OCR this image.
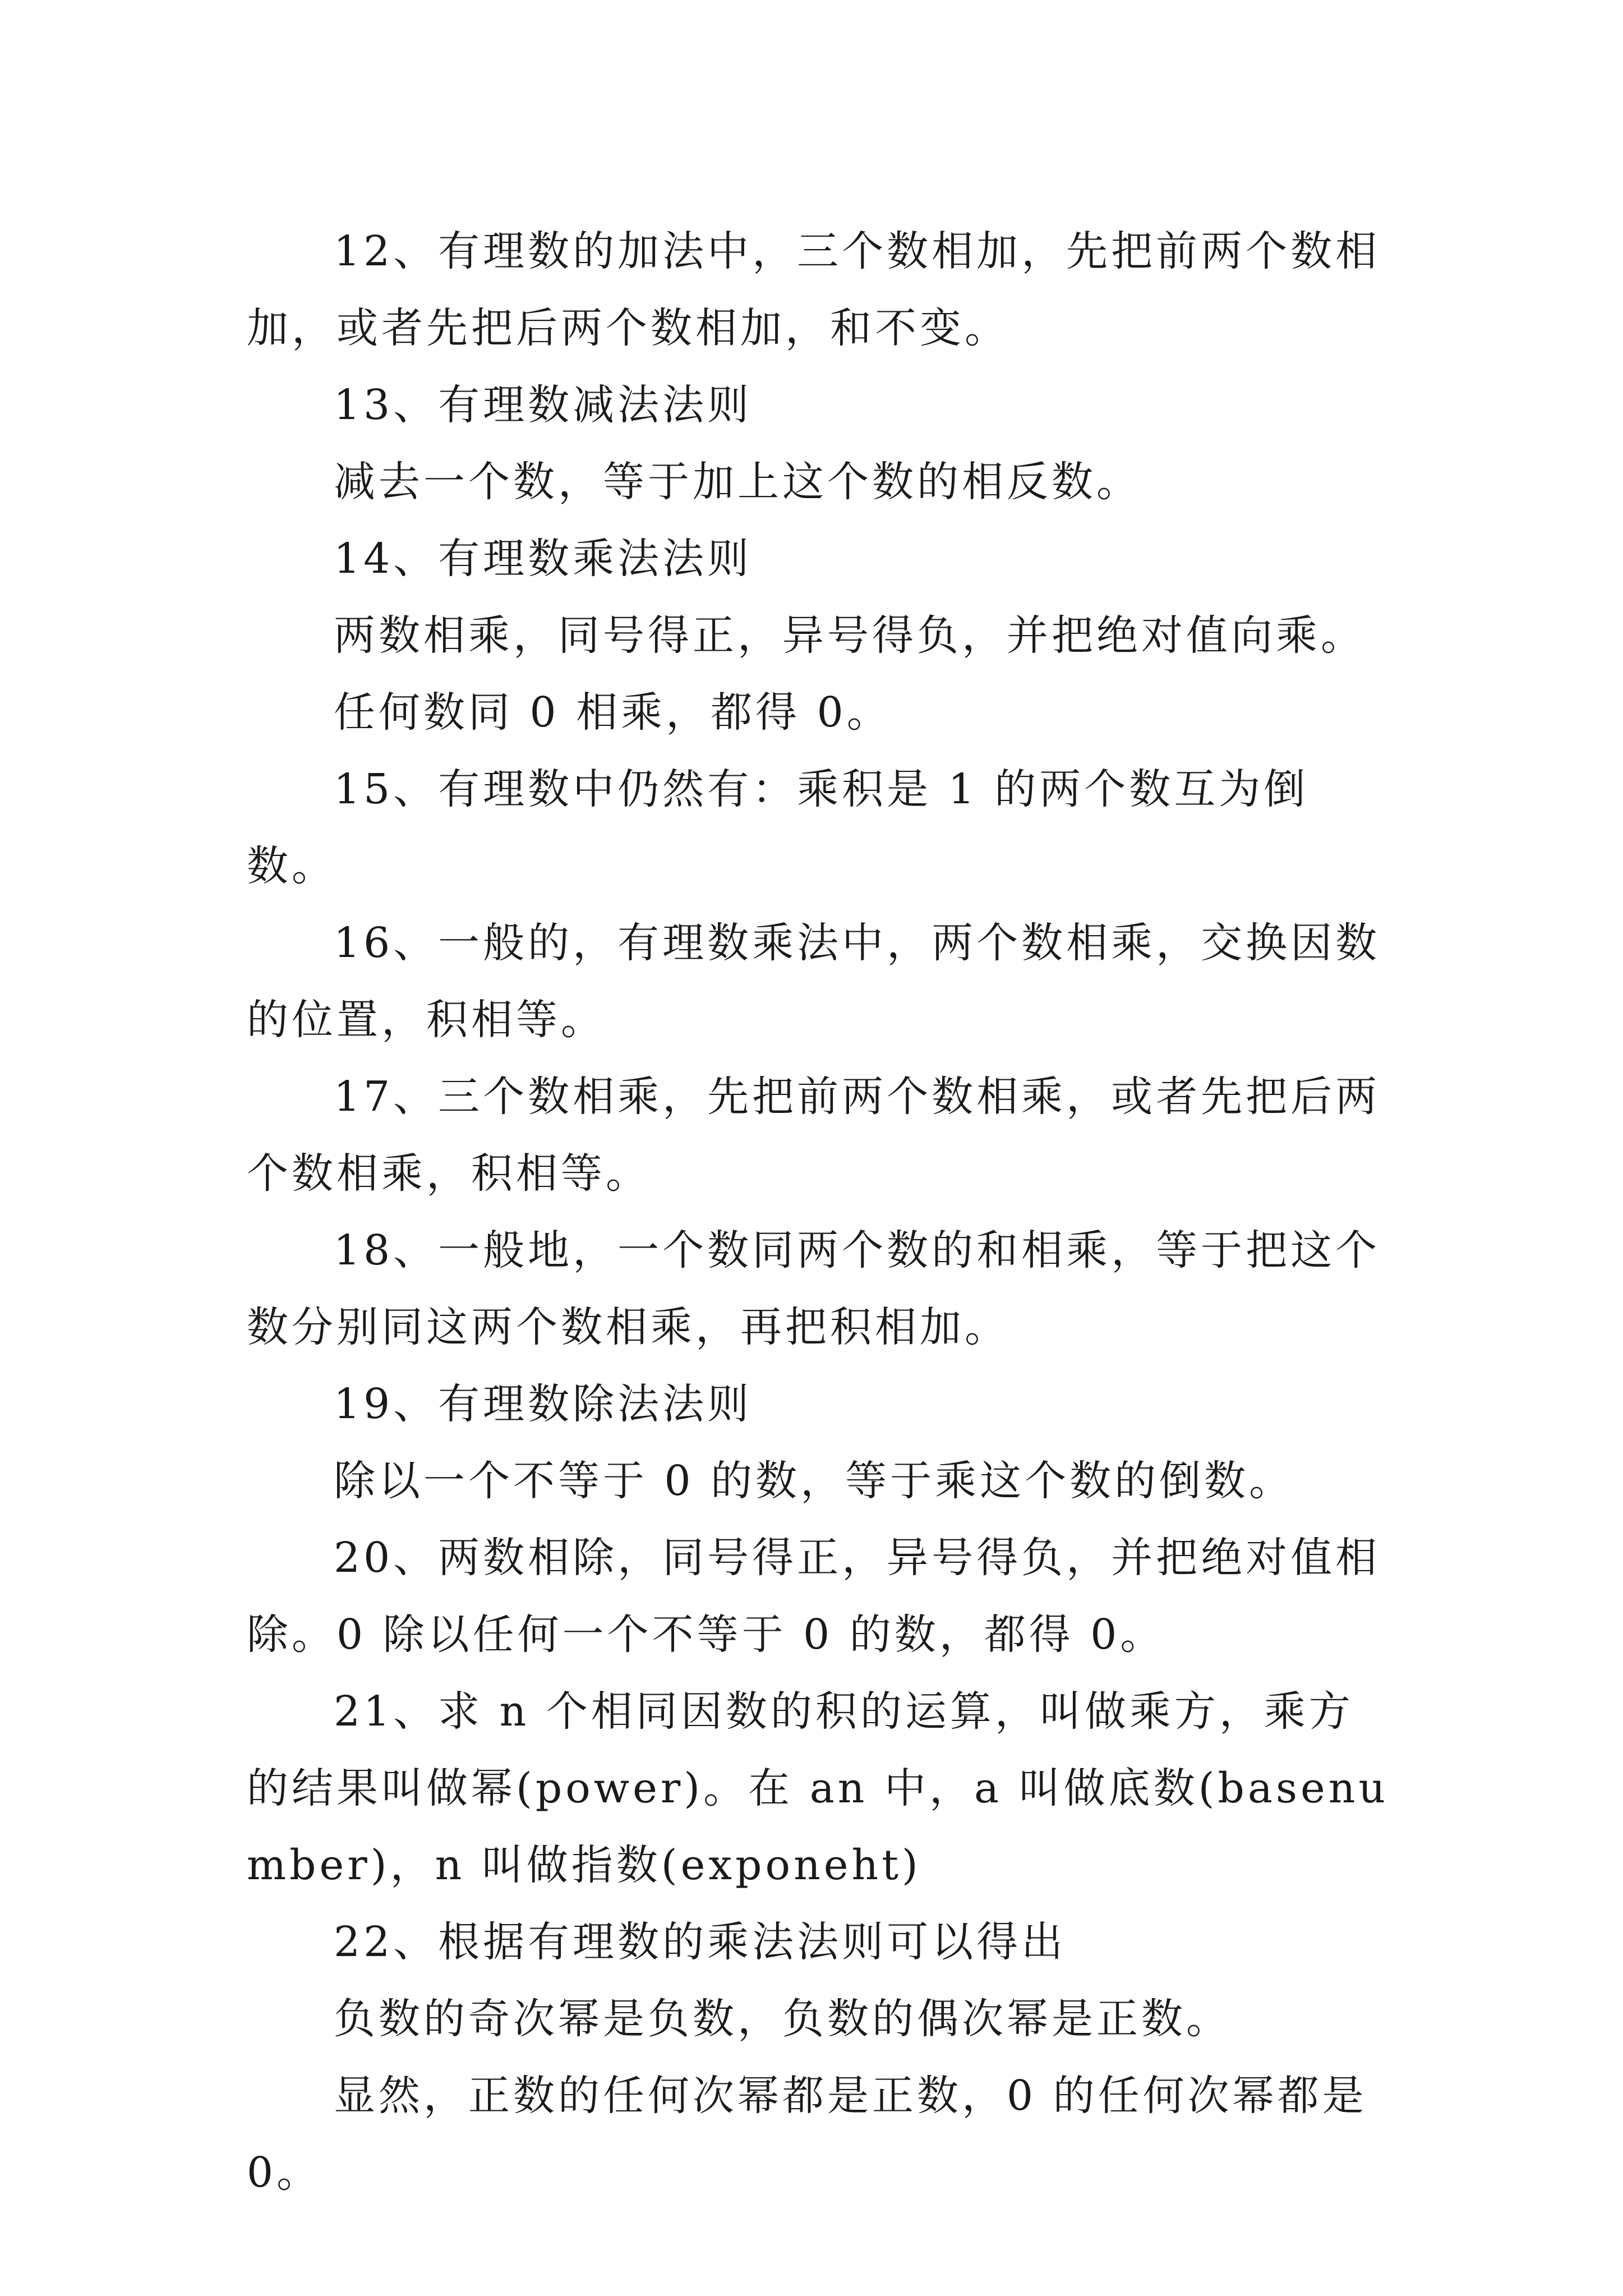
12、有理数的加法中，三个数相加，先把前两个数相加，或者先把后两个数相加，和不变。

13、有理数减法法则

减去一个数，等于加上这个数的相反数。

14、有理数乘法法则

两数相乘，同号得正，异号得负，并把绝对值向乘。

任何数同 0 相乘，都得 0。

15、有理数中仍然有：乘积是 1 的两个数互为倒数。

16、一般的，有理数乘法中，两个数相乘，交换因数的位置，积相等。

17、三个数相乘，先把前两个数相乘，或者先把后两个数相乘，积相等。

18、一般地，一个数同两个数的和相乘，等于把这个数分别同这两个数相乘，再把积相加。

19、有理数除法法则

除以一个不等于 0 的数，等于乘这个数的倒数。

20、两数相除，同号得正，异号得负，并把绝对值相除。0 除以任何一个不等于 0 的数，都得 0。

21、求 n 个相同因数的积的运算，叫做乘方，乘方的结果叫做幂(power)。在 an 中，a 叫做底数(basenumber)，n 叫做指数(exponeht)

22、根据有理数的乘法法则可以得出

负数的奇次幂是负数，负数的偶次幂是正数。

显然，正数的任何次幂都是正数，0 的任何次幂都是 0。
